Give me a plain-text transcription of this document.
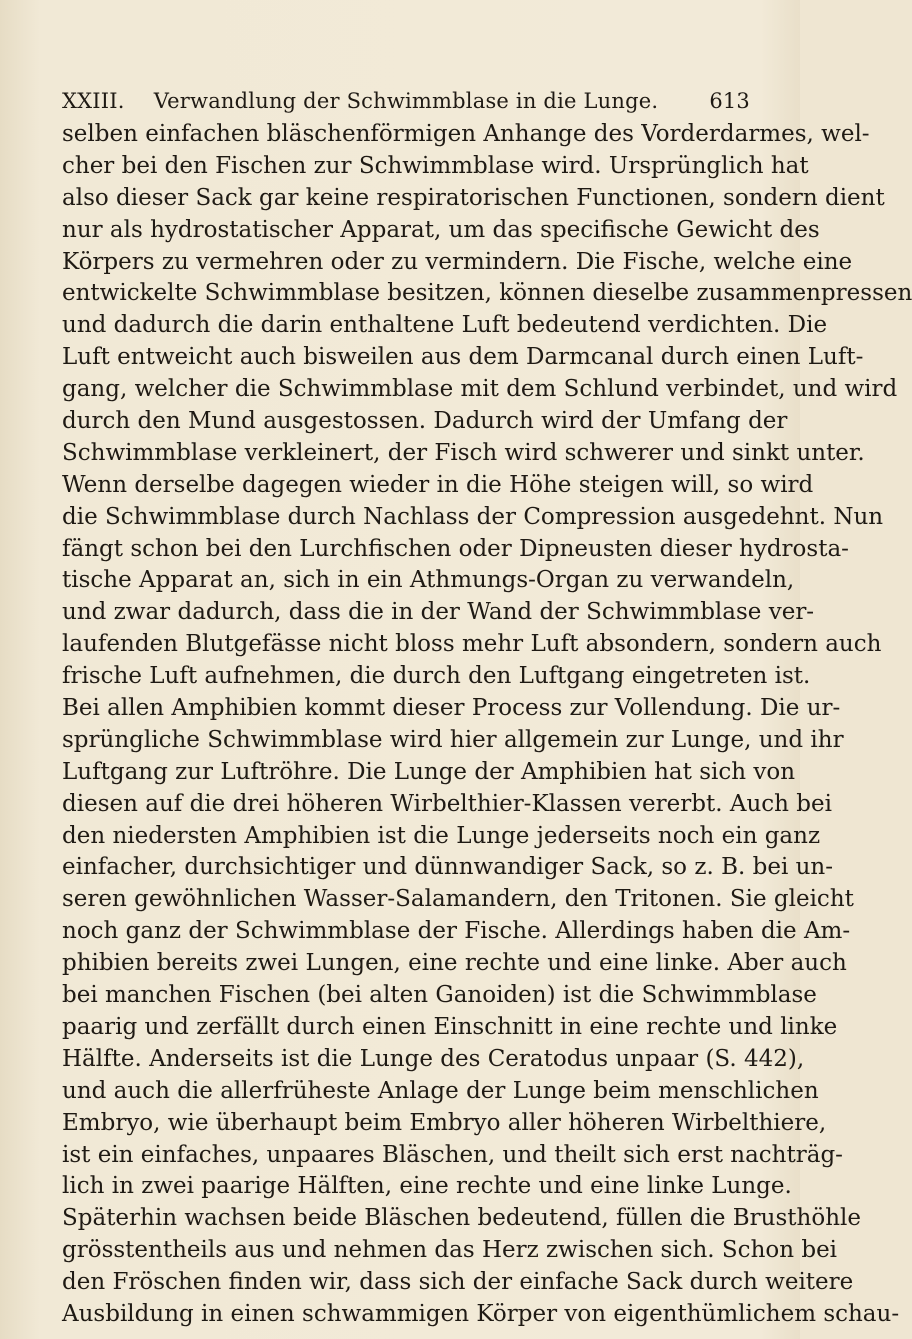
XXIII.	Verwandlung der Schwimmblase in die Lunge.	613
selben einfachen bläschenförmigen Anhange des Vorderdarmes, wel-
cher bei den Fischen zur Schwimmblase wird. Ursprünglich hat
also dieser Sack gar keine respiratorischen Functionen, sondern dient
nur als hydrostatischer Apparat, um das specifische Gewicht des
Körpers zu vermehren oder zu vermindern. Die Fische, welche eine
entwickelte Schwimmblase besitzen, können dieselbe zusammenpressen
und dadurch die darin enthaltene Luft bedeutend verdichten. Die
Luft entweicht auch bisweilen aus dem Darmcanal durch einen Luft-
gang, welcher die Schwimmblase mit dem Schlund verbindet, und wird
durch den Mund ausgestossen. Dadurch wird der Umfang der
Schwimmblase verkleinert, der Fisch wird schwerer und sinkt unter.
Wenn derselbe dagegen wieder in die Höhe steigen will, so wird
die Schwimmblase durch Nachlass der Compression ausgedehnt. Nun
fängt schon bei den Lurchfischen oder Dipneusten dieser hydrosta-
tische Apparat an, sich in ein Athmungs-Organ zu verwandeln,
und zwar dadurch, dass die in der Wand der Schwimmblase ver-
laufenden Blutgefässe nicht bloss mehr Luft absondern, sondern auch
frische Luft aufnehmen, die durch den Luftgang eingetreten ist.
Bei allen Amphibien kommt dieser Process zur Vollendung. Die ur-
sprüngliche Schwimmblase wird hier allgemein zur Lunge, und ihr
Luftgang zur Luftröhre. Die Lunge der Amphibien hat sich von
diesen auf die drei höheren Wirbelthier-Klassen vererbt. Auch bei
den niedersten Amphibien ist die Lunge jederseits noch ein ganz
einfacher, durchsichtiger und dünnwandiger Sack, so z. B. bei un-
seren gewöhnlichen Wasser-Salamandern, den Tritonen. Sie gleicht
noch ganz der Schwimmblase der Fische. Allerdings haben die Am-
phibien bereits zwei Lungen, eine rechte und eine linke. Aber auch
bei manchen Fischen (bei alten Ganoiden) ist die Schwimmblase
paarig und zerfällt durch einen Einschnitt in eine rechte und linke
Hälfte. Anderseits ist die Lunge des Ceratodus unpaar (S. 442),
und auch die allerfrüheste Anlage der Lunge beim menschlichen
Embryo, wie überhaupt beim Embryo aller höheren Wirbelthiere,
ist ein einfaches, unpaares Bläschen, und theilt sich erst nachträg-
lich in zwei paarige Hälften, eine rechte und eine linke Lunge.
Späterhin wachsen beide Bläschen bedeutend, füllen die Brusthöhle
grösstentheils aus und nehmen das Herz zwischen sich. Schon bei
den Fröschen finden wir, dass sich der einfache Sack durch weitere
Ausbildung in einen schwammigen Körper von eigenthümlichem schau-
